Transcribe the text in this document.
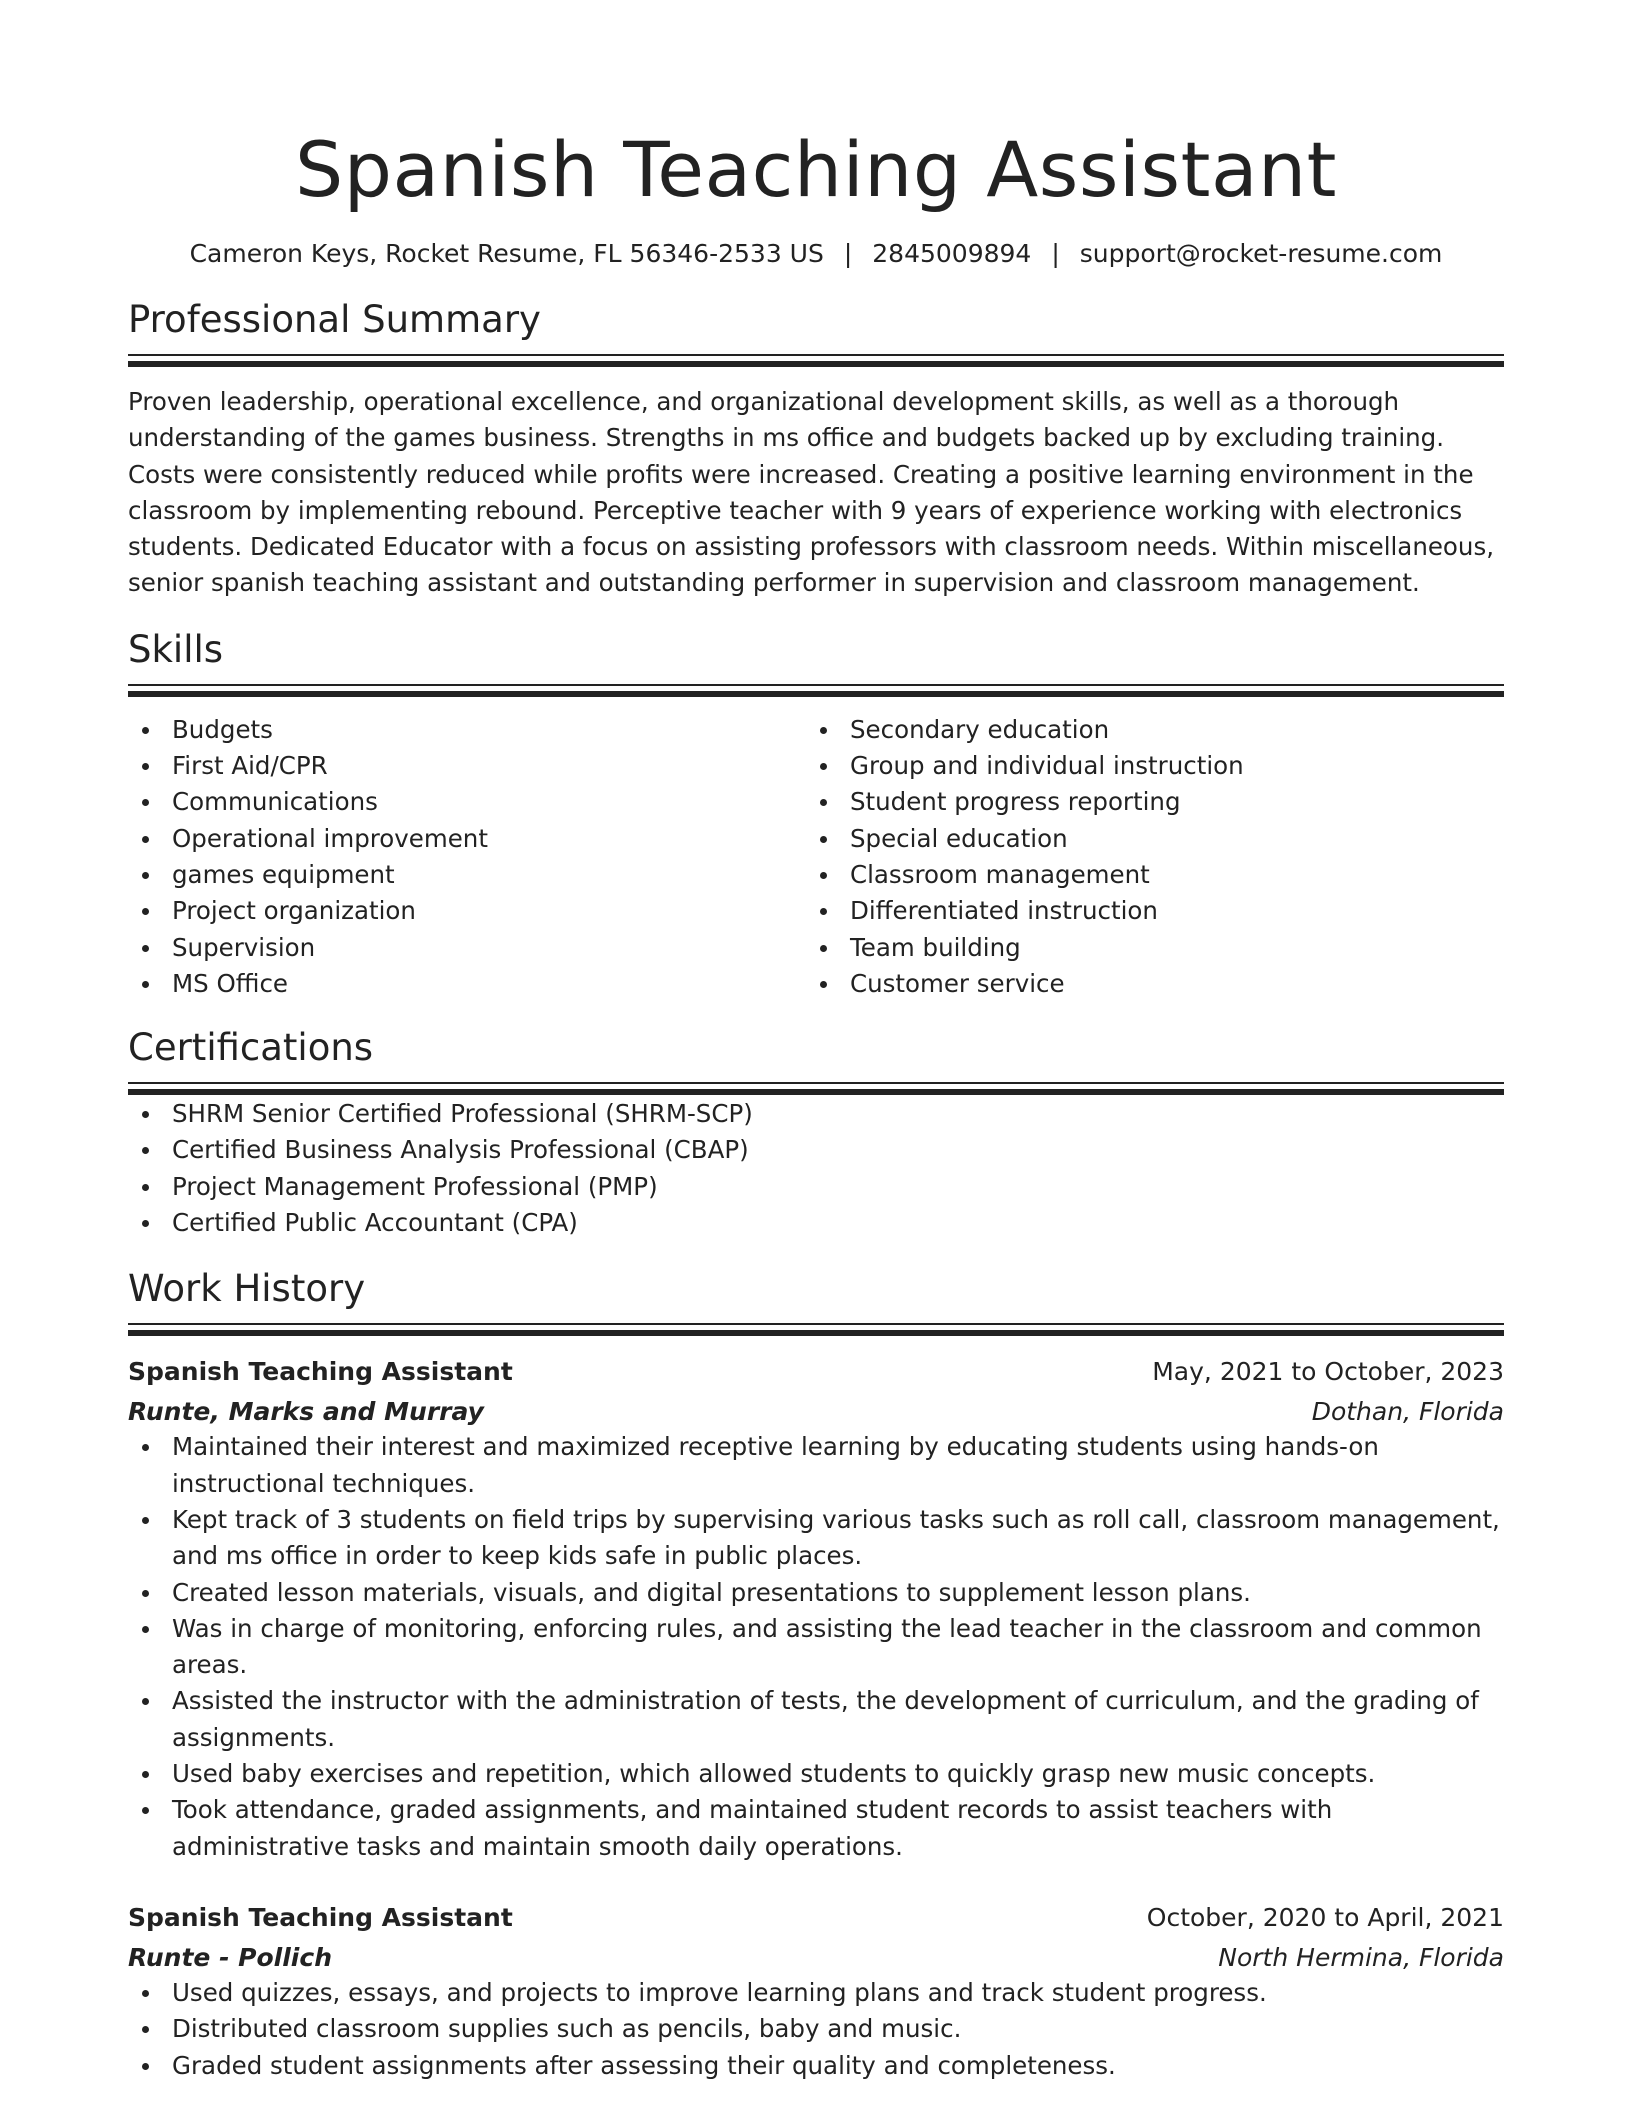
Spanish Teaching Assistant
Cameron Keys, Rocket Resume, FL 56346-2533 US | 2845009894 | support@rocket-resume.com
Professional Summary

Proven leadership, operational excellence, and organizational development skills, as well as a thorough understanding of the games business. Strengths in ms office and budgets backed up by excluding training. Costs were consistently reduced while profits were increased. Creating a positive learning environment in the classroom by implementing rebound. Perceptive teacher with 9 years of experience working with electronics students. Dedicated Educator with a focus on assisting professors with classroom needs. Within miscellaneous, senior spanish teaching assistant and outstanding performer in supervision and classroom management.

Skills
Budgets
First Aid/CPR
Communications
Operational improvement
games equipment
Project organization
Supervision
MS Office
Secondary education
Group and individual instruction
Student progress reporting
Special education
Classroom management
Differentiated instruction
Team building
Customer service
Certifications
SHRM Senior Certified Professional (SHRM-SCP)
Certified Business Analysis Professional (CBAP)
Project Management Professional (PMP)
Certified Public Accountant (CPA)
Work History
Spanish Teaching Assistant	May, 2021 to October, 2023
Runte, Marks and Murray	Dothan, Florida
Maintained their interest and maximized receptive learning by educating students using hands-on instructional techniques.
Kept track of 3 students on field trips by supervising various tasks such as roll call, classroom management, and ms office in order to keep kids safe in public places.
Created lesson materials, visuals, and digital presentations to supplement lesson plans.
Was in charge of monitoring, enforcing rules, and assisting the lead teacher in the classroom and common areas.
Assisted the instructor with the administration of tests, the development of curriculum, and the grading of assignments.
Used baby exercises and repetition, which allowed students to quickly grasp new music concepts.
Took attendance, graded assignments, and maintained student records to assist teachers with administrative tasks and maintain smooth daily operations.
Spanish Teaching Assistant	October, 2020 to April, 2021
Runte - Pollich	North Hermina, Florida
Used quizzes, essays, and projects to improve learning plans and track student progress.
Distributed classroom supplies such as pencils, baby and music.
Graded student assignments after assessing their quality and completeness.
